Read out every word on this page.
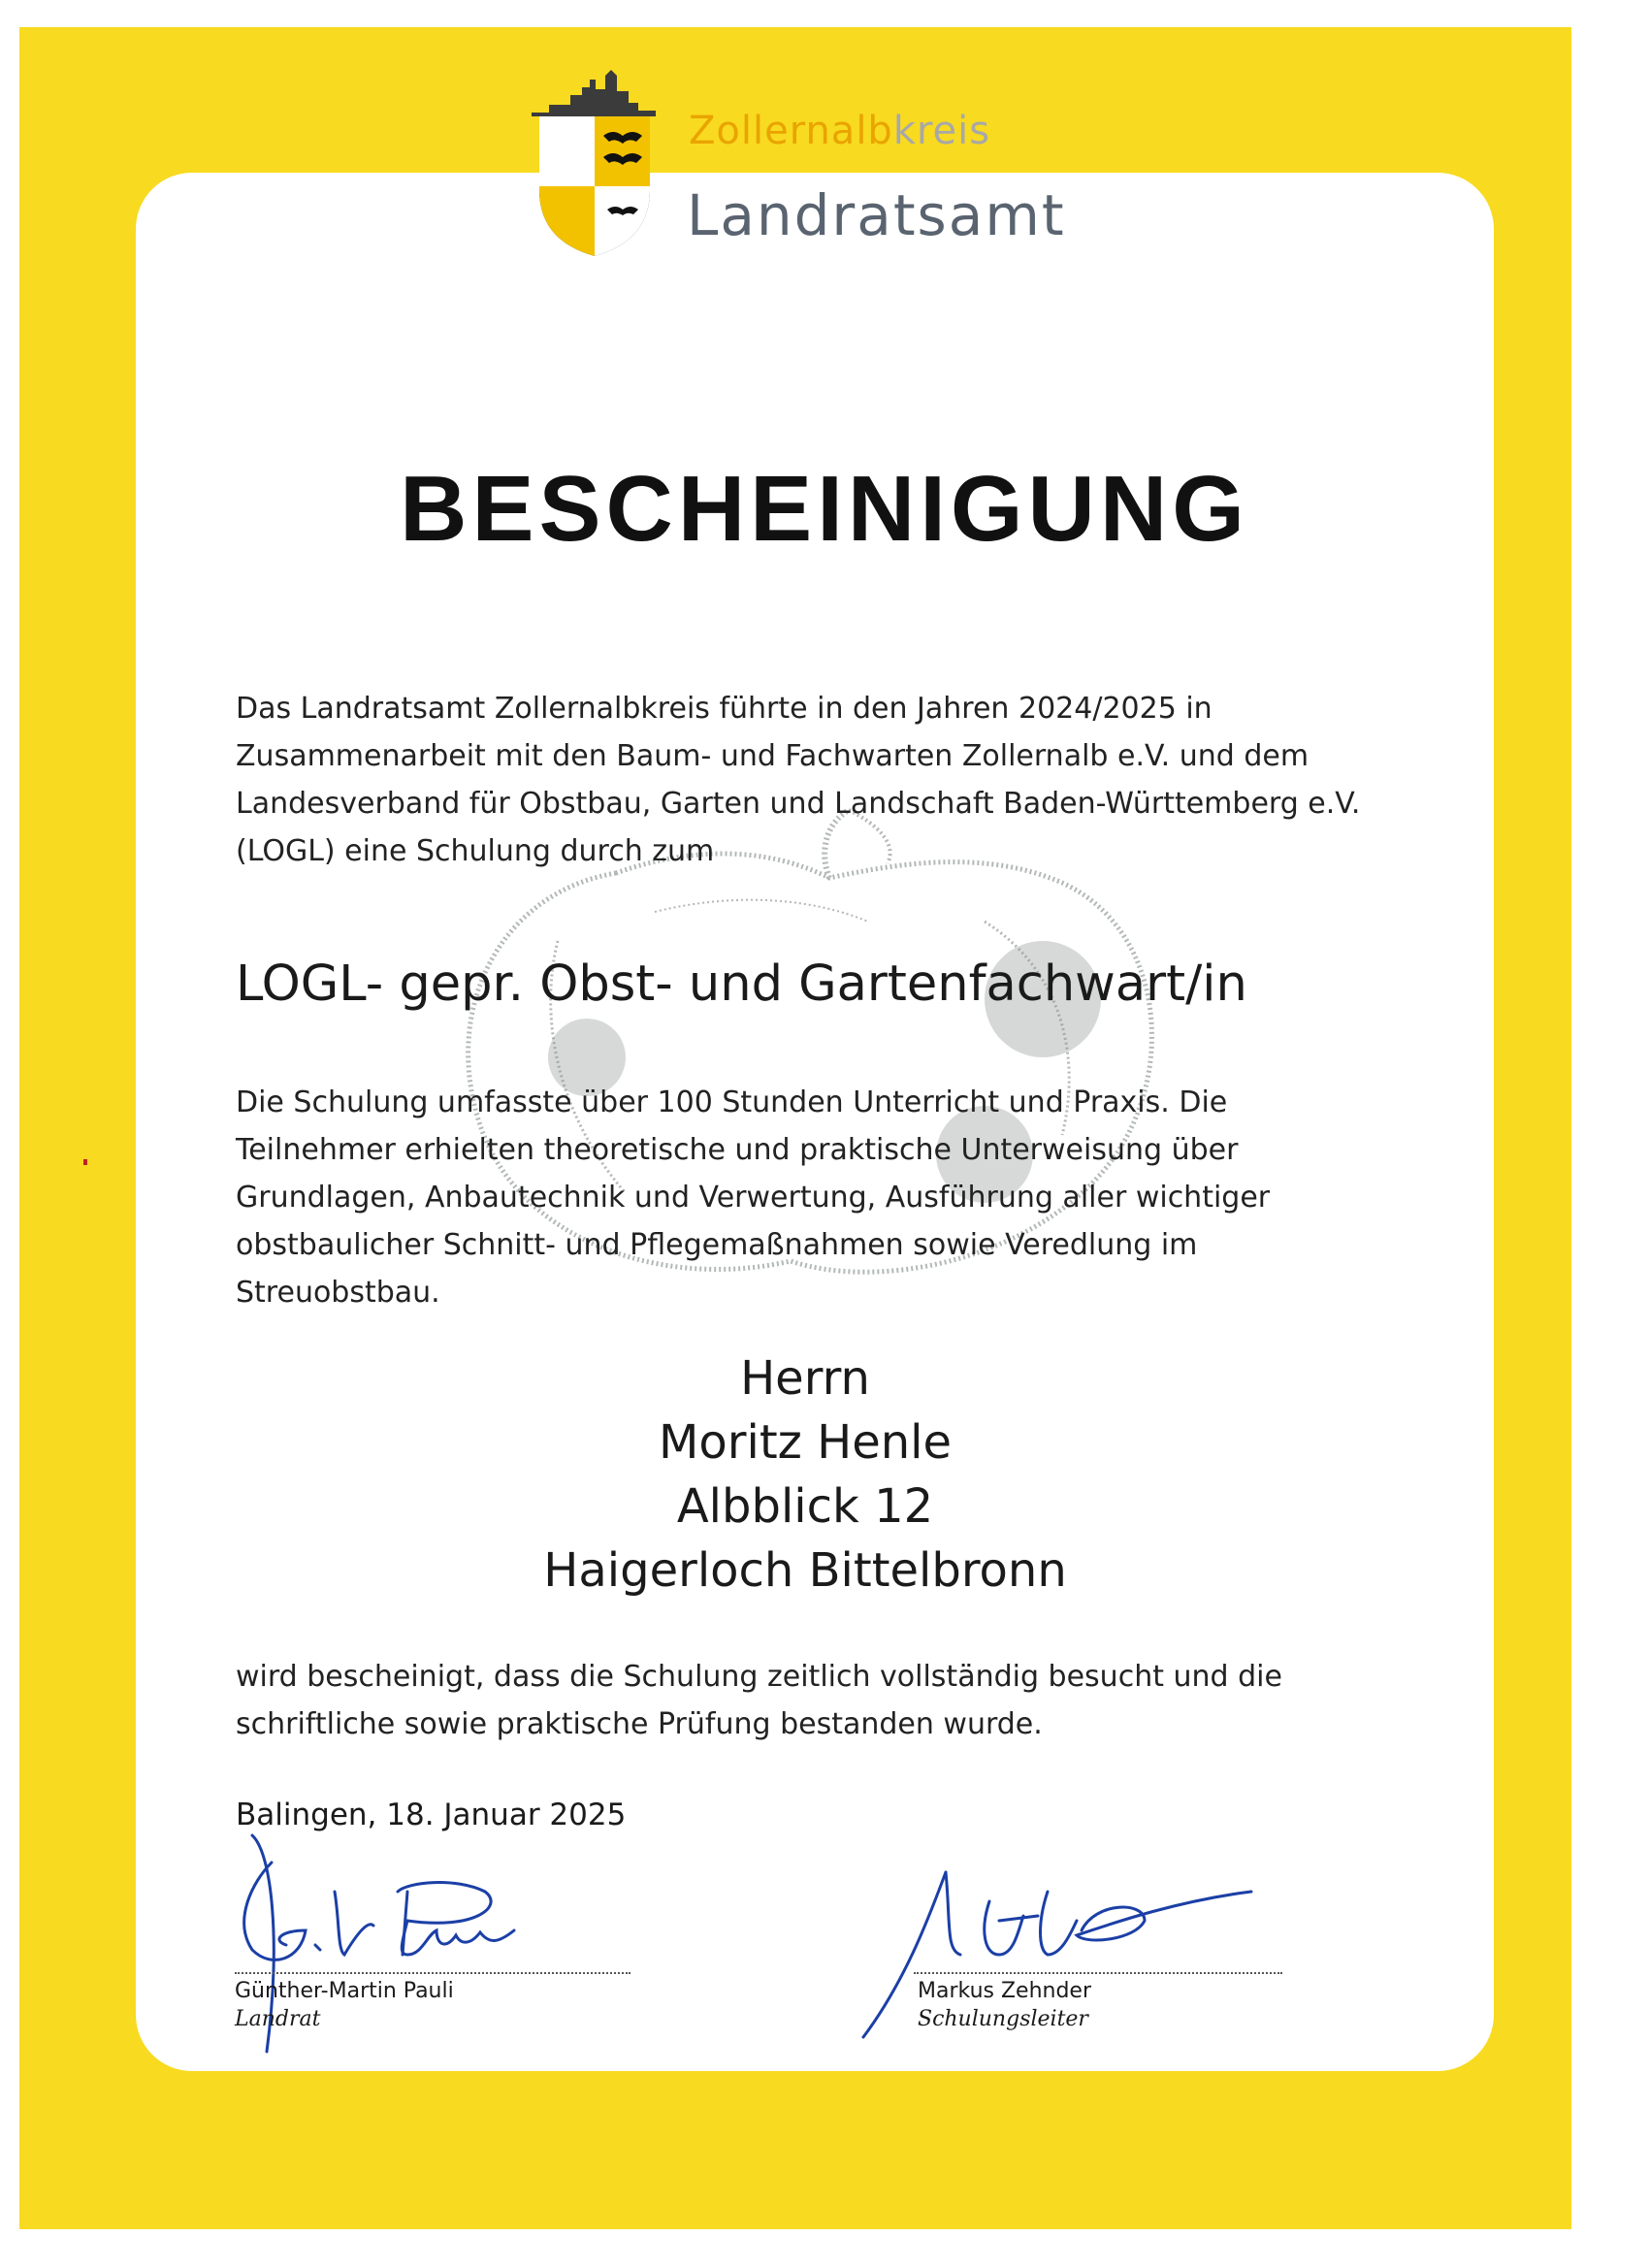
Zollernalbkreis
Landratsamt
BESCHEINIGUNG
Das Landratsamt Zollernalbkreis führte in den Jahren 2024/2025 in Zusammenarbeit mit den Baum- und Fachwarten Zollernalb e.V. und dem Landesverband für Obstbau, Garten und Landschaft Baden-Württemberg e.V. (LOGL) eine Schulung durch zum
LOGL- gepr. Obst- und Gartenfachwart/in
Die Schulung umfasste über 100 Stunden Unterricht und Praxis. Die Teilnehmer erhielten theoretische und praktische Unterweisung über Grundlagen, Anbautechnik und Verwertung, Ausführung aller wichtiger obstbaulicher Schnitt- und Pflegemaßnahmen sowie Veredlung im Streuobstbau.
Herrn
Moritz Henle
Albblick 12
Haigerloch Bittelbronn
wird bescheinigt, dass die Schulung zeitlich vollständig besucht und die schriftliche sowie praktische Prüfung bestanden wurde.
Balingen, 18. Januar 2025
Günther-Martin Pauli
Landrat
Markus Zehnder
Schulungsleiter
